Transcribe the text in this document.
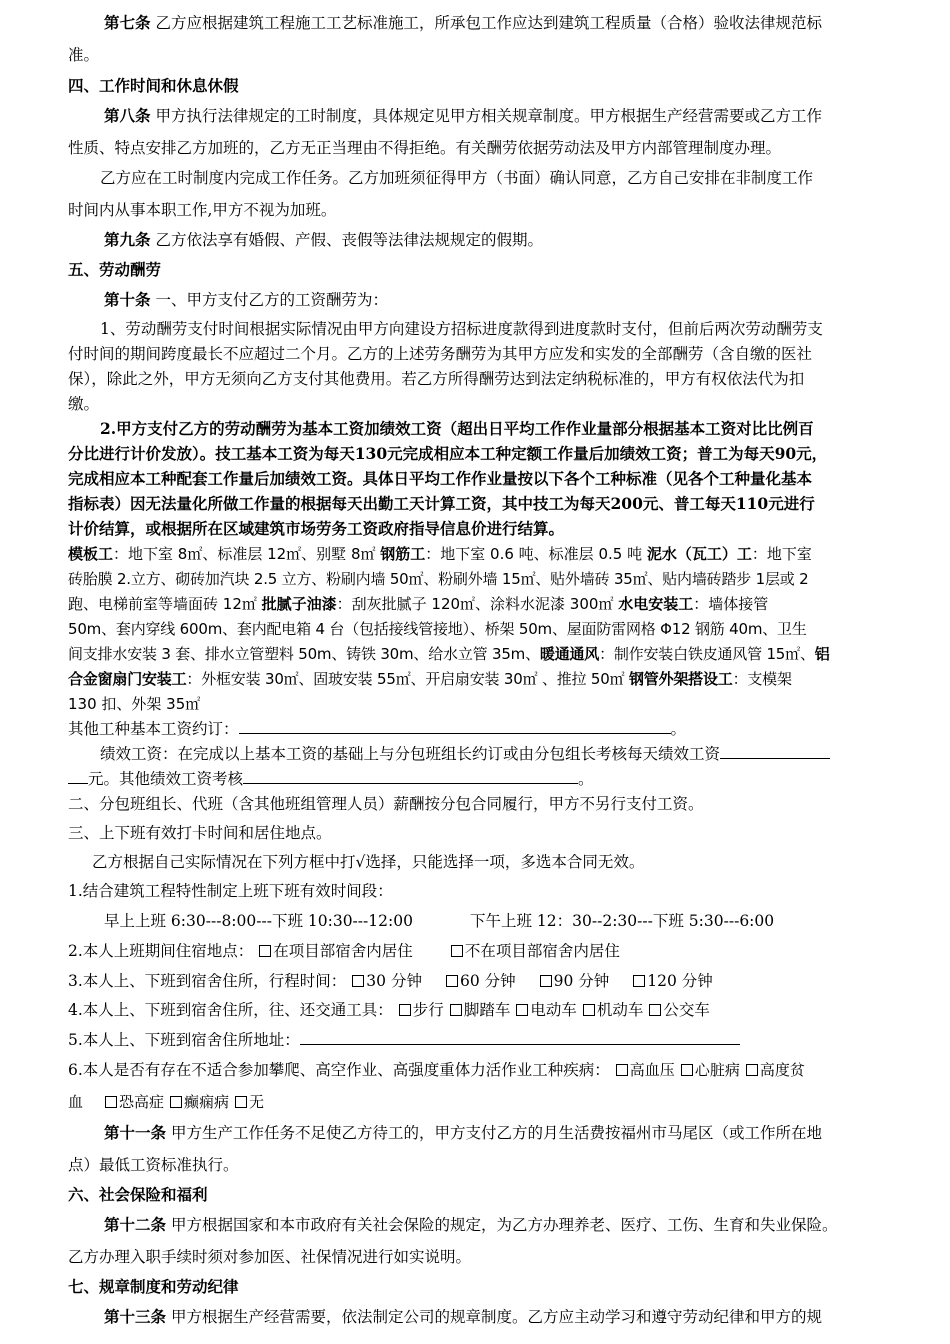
第七条 乙方应根据建筑工程施工工艺标准施工，所承包工作应达到建筑工程质量（合格）验收法律规范标
准。
四、工作时间和休息休假
第八条 甲方执行法律规定的工时制度，具体规定见甲方相关规章制度。甲方根据生产经营需要或乙方工作
性质、特点安排乙方加班的，乙方无正当理由不得拒绝。有关酬劳依据劳动法及甲方内部管理制度办理。
乙方应在工时制度内完成工作任务。乙方加班须征得甲方（书面）确认同意，乙方自己安排在非制度工作
时间内从事本职工作,甲方不视为加班。
第九条 乙方依法享有婚假、产假、丧假等法律法规规定的假期。
五、劳动酬劳
第十条 一、甲方支付乙方的工资酬劳为：
1、劳动酬劳支付时间根据实际情况由甲方向建设方招标进度款得到进度款时支付，但前后两次劳动酬劳支
付时间的期间跨度最长不应超过二个月。乙方的上述劳务酬劳为其甲方应发和实发的全部酬劳（含自缴的医社
保），除此之外，甲方无须向乙方支付其他费用。若乙方所得酬劳达到法定纳税标准的，甲方有权依法代为扣
缴。
2.甲方支付乙方的劳动酬劳为基本工资加绩效工资（超出日平均工作作业量部分根据基本工资对比比例百
分比进行计价发放）。技工基本工资为每天130元完成相应本工种定额工作量后加绩效工资；普工为每天90元，
完成相应本工种配套工作量后加绩效工资。具体日平均工作作业量按以下各个工种标准（见各个工种量化基本
指标表）因无法量化所做工作量的根据每天出勤工天计算工资，其中技工为每天200元、普工每天110元进行
计价结算，或根据所在区域建筑市场劳务工资政府指导信息价进行结算。
模板工：地下室 8㎡、标准层 12㎡、别墅 8㎡ 钢筋工：地下室 0.6 吨、标准层 0.5 吨 泥水（瓦工）工：地下室
砖胎膜 2.立方、砌砖加汽块 2.5 立方、粉刷内墙 50㎡、粉刷外墙 15㎡、贴外墙砖 35㎡、贴内墙砖踏步 1层或 2
跑、电梯前室等墙面砖 12㎡ 批腻子油漆：刮灰批腻子 120㎡、涂料水泥漆 300㎡ 水电安装工：墙体接管
50m、套内穿线 600m、套内配电箱 4 台（包括接线管接地）、桥架 50m、屋面防雷网格 Φ12 钢筋 40m、卫生
间支排水安装 3 套、排水立管塑料 50m、铸铁 30m、给水立管 35m、暖通通风：制作安装白铁皮通风管 15㎡、铝
合金窗扇门安装工：外框安装 30㎡、固玻安装 55㎡、开启扇安装 30㎡ 、推拉 50㎡ 钢管外架搭设工：支模架
130 扣、外架 35㎡
其他工种基本工资约订：	。
绩效工资：在完成以上基本工资的基础上与分包班组长约订或由分包组长考核每天绩效工资
元。其他绩效工资考核	。
二、分包班组长、代班（含其他班组管理人员）薪酬按分包合同履行，甲方不另行支付工资。
三、上下班有效打卡时间和居住地点。
乙方根据自己实际情况在下列方框中打√选择，只能选择一项，多选本合同无效。
1.结合建筑工程特性制定上班下班有效时间段：
早上上班 6:30---8:00---下班 10:30---12:00	下午上班 12：30--2:30---下班 5:30---6:00
2.本人上班期间住宿地点： 在项目部宿舍内居住	不在项目部宿舍内居住
3.本人上、下班到宿舍住所，行程时间： 30 分钟 60 分钟 90 分钟 120 分钟
4.本人上、下班到宿舍住所，往、还交通工具： 步行 脚踏车 电动车 机动车 公交车
5.本人上、下班到宿舍住所地址：
6.本人是否有存在不适合参加攀爬、高空作业、高强度重体力活作业工种疾病： 高血压 心脏病 高度贫
血 恐高症 癫痫病 无
第十一条 甲方生产工作任务不足使乙方待工的，甲方支付乙方的月生活费按福州市马尾区（或工作所在地
点）最低工资标准执行。
六、社会保险和福利
第十二条 甲方根据国家和本市政府有关社会保险的规定，为乙方办理养老、医疗、工伤、生育和失业保险。
乙方办理入职手续时须对参加医、社保情况进行如实说明。
七、规章制度和劳动纪律
第十三条 甲方根据生产经营需要，依法制定公司的规章制度。乙方应主动学习和遵守劳动纪律和甲方的规
